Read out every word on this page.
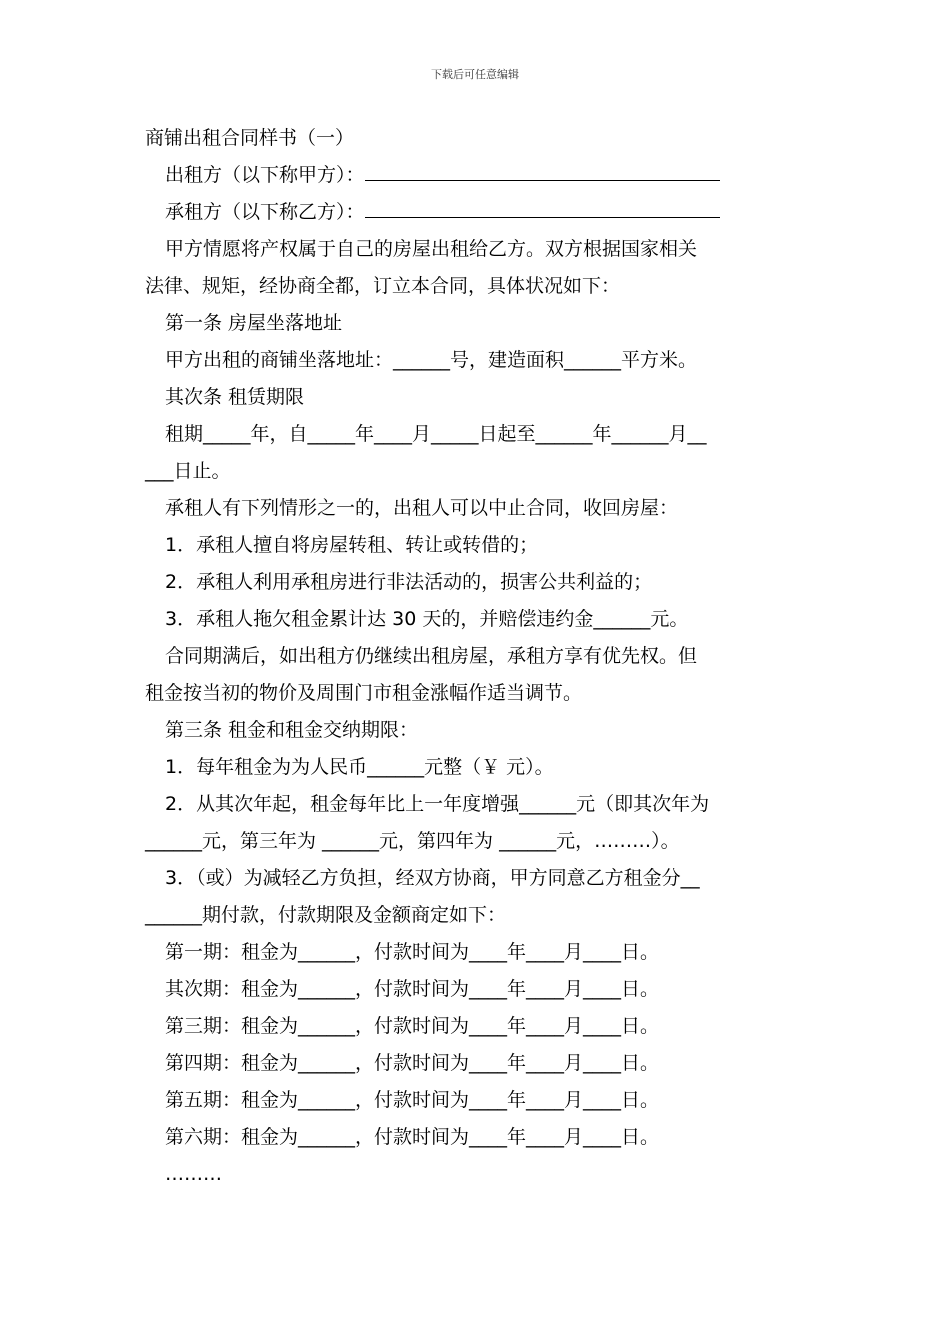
下载后可任意编辑
商铺出租合同样书（一）
出租方（以下称甲方）：
承租方（以下称乙方）：
甲方情愿将产权属于自己的房屋出租给乙方。双方根据国家相关
法律、规矩，经协商全都，订立本合同，具体状况如下：
第一条 房屋坐落地址
甲方出租的商铺坐落地址：______号，建造面积______平方米。
其次条 租赁期限
租期_____年，自_____年____月_____日起至______年______月__
___日止。
承租人有下列情形之一的，出租人可以中止合同，收回房屋：
1．承租人擅自将房屋转租、转让或转借的；
2．承租人利用承租房进行非法活动的，损害公共利益的；
3．承租人拖欠租金累计达 30 天的，并赔偿违约金______元。
合同期满后，如出租方仍继续出租房屋，承租方享有优先权。但
租金按当初的物价及周围门市租金涨幅作适当调节。
第三条 租金和租金交纳期限：
1．每年租金为为人民币______元整（￥ 元）。
2．从其次年起，租金每年比上一年度增强______元（即其次年为
______元，第三年为 ______元，第四年为 ______元，………）。
3．（或）为减轻乙方负担，经双方协商，甲方同意乙方租金分__
______期付款，付款期限及金额商定如下：
第一期：租金为______，付款时间为____年____月____日。
其次期：租金为______，付款时间为____年____月____日。
第三期：租金为______，付款时间为____年____月____日。
第四期：租金为______，付款时间为____年____月____日。
第五期：租金为______，付款时间为____年____月____日。
第六期：租金为______，付款时间为____年____月____日。
………
